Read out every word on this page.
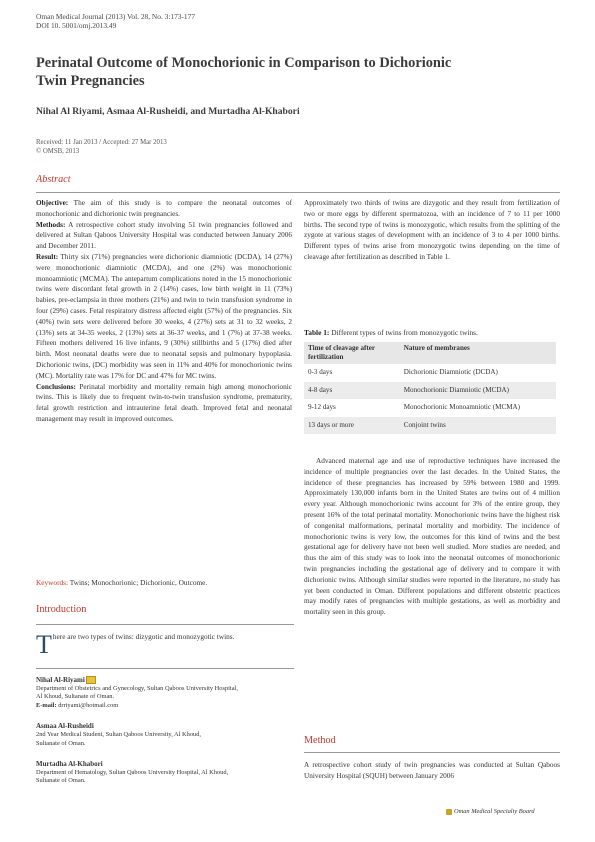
Oman Medical Journal (2013) Vol. 28, No. 3:173-177
DOI 10. 5001/omj.2013.49
Perinatal Outcome of Monochorionic in Comparison to Dichorionic
Twin Pregnancies
Nihal Al Riyami, Asmaa Al-Rusheidi, and Murtadha Al-Khabori
Received: 11 Jan 2013 / Accepted: 27 Mar 2013
© OMSB, 2013
Abstract

Objective: The aim of this study is to compare the neonatal outcomes of monochorionic and dichorionic twin pregnancies.

Methods: A retrospective cohort study involving 51 twin pregnancies followed and delivered at Sultan Qaboos University Hospital was conducted between January 2006 and December 2011.

Result: Thirty six (71%) pregnancies were dichorionic diamniotic (DCDA), 14 (27%) were monochorionic diamniotic (MCDA), and one (2%) was monochorionic monoamniotic (MCMA). The antepartum complications noted in the 15 monochorionic twins were discordant fetal growth in 2 (14%) cases, low birth weight in 11 (73%) babies, pre-eclampsia in three mothers (21%) and twin to twin transfusion syndrome in four (29%) cases. Fetal respiratory distress affected eight (57%) of the pregnancies. Six (40%) twin sets were delivered before 30 weeks, 4 (27%) sets at 31 to 32 weeks, 2 (13%) sets at 34-35 weeks, 2 (13%) sets at 36-37 weeks, and 1 (7%) at 37-38 weeks. Fifteen mothers delivered 16 live infants, 9 (30%) stillbirths and 5 (17%) died after birth. Most neonatal deaths were due to neonatal sepsis and pulmonary hypoplasia. Dichorionic twins, (DC) morbidity was seen in 11% and 40% for monochorionic twins (MC). Mortality rate was 17% for DC and 47% for MC twins.

Conclusions: Perinatal morbidity and mortality remain high among monochorionic twins. This is likely due to frequent twin-to-twin transfusion syndrome, prematurity, fetal growth restriction and intrauterine fetal death. Improved fetal and neonatal management may result in improved outcomes.

Keywords: Twins; Monochorionic; Dichorionic, Outcome.
Introduction
There are two types of twins: dizygotic and monozygotic twins.
Nihal Al-Riyami
Department of Obstetrics and Gynecology, Sultan Qaboos University Hospital,
Al Khoud, Sultanate of Oman.
E-mail: drriyami@hotmail.com
Asmaa Al-Rusheidi
2nd Year Medical Student, Sultan Qaboos University, Al Khoud,
Sultanate of Oman.
Murtadha Al-Khabori
Department of Hematology, Sultan Qaboos University Hospital, Al Khoud,
Sultanate of Oman.

Approximately two thirds of twins are dizygotic and they result from fertilization of two or more eggs by different spermatozoa, with an incidence of 7 to 11 per 1000 births. The second type of twins is monozygotic, which results from the splitting of the zygote at various stages of development with an incidence of 3 to 4 per 1000 births. Different types of twins arise from monozygotic twins depending on the time of cleavage after fertilization as described in Table 1.

Table 1: Different types of twins from monozygotic twins.
Time of cleavage after fertilization	Nature of membranes
0-3 days	Dichorionic Diamniotic (DCDA)
4-8 days	Monochorionic Diamniotic (MCDA)
9-12 days	Monochorionic Monoamniotic (MCMA)
13 days or more	Conjoint twins

Advanced maternal age and use of reproductive techniques have increased the incidence of multiple pregnancies over the last decades. In the United States, the incidence of these pregnancies has increased by 59% between 1980 and 1999. Approximately 130,000 infants born in the United States are twins out of 4 million every year. Although monochorionic twins account for 3% of the entire group, they present 16% of the total perinatal mortality. Monochorionic twins have the highest risk of congenital malformations, perinatal mortality and morbidity. The incidence of monochorionic twins is very low, the outcomes for this kind of twins and the best gestational age for delivery have not been well studied. More studies are needed, and thus the aim of this study was to look into the neonatal outcomes of monochorionic twin pregnancies including the gestational age of delivery and to compare it with dichorionic twins. Although similar studies were reported in the literature, no study has yet been conducted in Oman. Different populations and different obstetric practices may modify rates of pregnancies with multiple gestations, as well as morbidity and mortality seen in this group.

Method
A retrospective cohort study of twin pregnancies was conducted at Sultan Qaboos University Hospital (SQUH) between January 2006
Oman Medical Specialty Board
